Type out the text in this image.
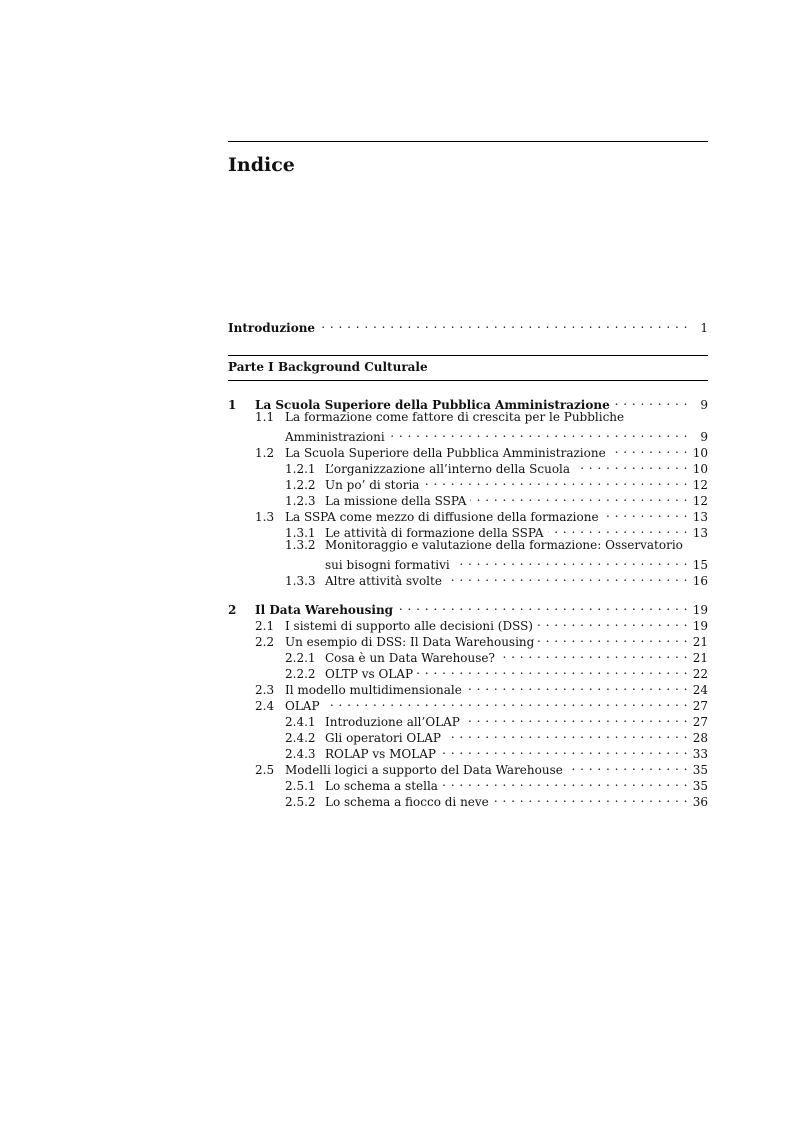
Indice
Introduzione . . .	1
Parte I Background Culturale
1	La Scuola Superiore della Pubblica Amministrazione . . .	9
1.1 La formazione come fattore di crescita per le Pubbliche
Amministrazioni . . .	9
1.2 La Scuola Superiore della Pubblica Amministrazione . . .	10
1.2.1 L’organizzazione all’interno della Scuola . . .	10
1.2.2 Un po’ di storia . . .	12
1.2.3 La missione della SSPA . . .	12
1.3 La SSPA come mezzo di diffusione della formazione . . .	13
1.3.1 Le attività di formazione della SSPA . . .	13
1.3.2 Monitoraggio e valutazione della formazione: Osservatorio
sui bisogni formativi . . .	15
1.3.3 Altre attività svolte . . .	16
2	Il Data Warehousing . . .	19
2.1 I sistemi di supporto alle decisioni (DSS) . . .	19
2.2 Un esempio di DSS: Il Data Warehousing . . .	21
2.2.1 Cosa è un Data Warehouse? . . .	21
2.2.2 OLTP vs OLAP . . .	22
2.3 Il modello multidimensionale . . .	24
2.4 OLAP . . .	27
2.4.1 Introduzione all’OLAP . . .	27
2.4.2 Gli operatori OLAP . . .	28
2.4.3 ROLAP vs MOLAP . . .	33
2.5 Modelli logici a supporto del Data Warehouse . . .	35
2.5.1 Lo schema a stella . . .	35
2.5.2 Lo schema a fiocco di neve . . .	36
